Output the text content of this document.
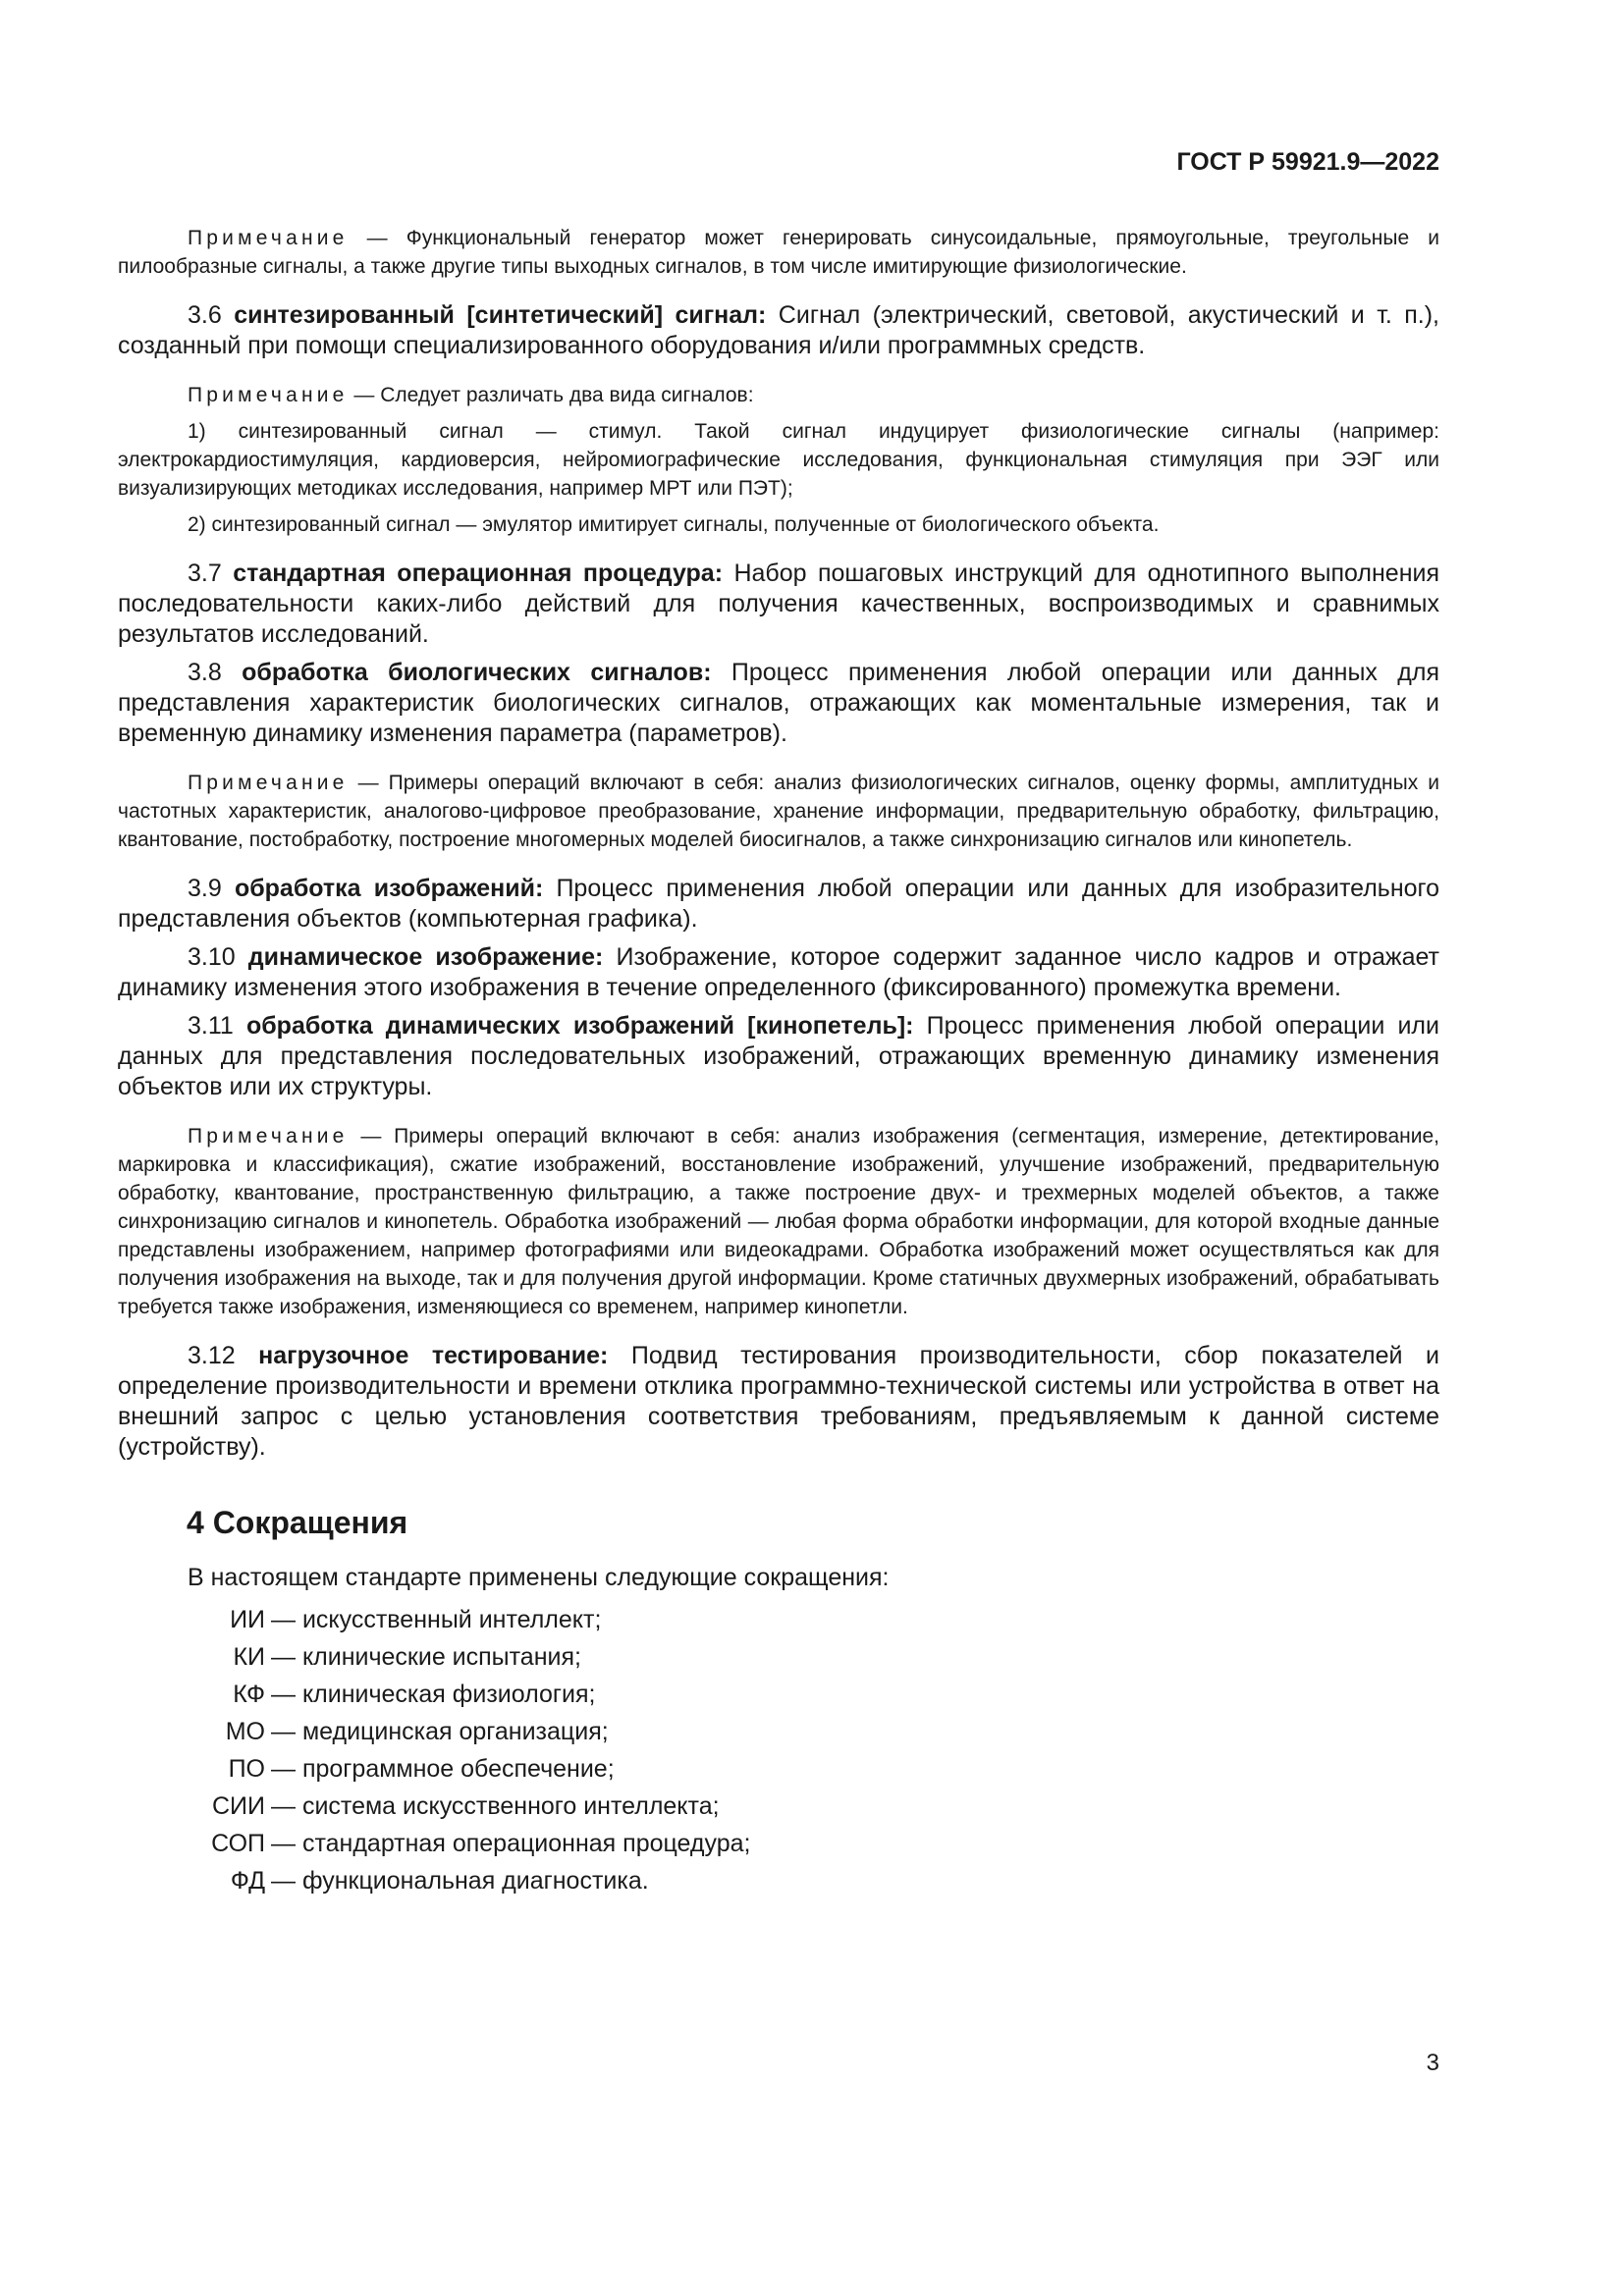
ГОСТ Р 59921.9—2022

Примечание — Функциональный генератор может генерировать синусоидальные, прямоугольные, треугольные и пилообразные сигналы, а также другие типы выходных сигналов, в том числе имитирующие физиологические.

3.6 синтезированный [синтетический] сигнал: Сигнал (электрический, световой, акустический и т. п.), созданный при помощи специализированного оборудования и/или программных средств.

Примечание — Следует различать два вида сигналов:

1) синтезированный сигнал — стимул. Такой сигнал индуцирует физиологические сигналы (например: электрокардиостимуляция, кардиоверсия, нейромиографические исследования, функциональная стимуляция при ЭЭГ или визуализирующих методиках исследования, например МРТ или ПЭТ);

2) синтезированный сигнал — эмулятор имитирует сигналы, полученные от биологического объекта.

3.7 стандартная операционная процедура: Набор пошаговых инструкций для однотипного выполнения последовательности каких-либо действий для получения качественных, воспроизводимых и сравнимых результатов исследований.

3.8 обработка биологических сигналов: Процесс применения любой операции или данных для представления характеристик биологических сигналов, отражающих как моментальные измерения, так и временную динамику изменения параметра (параметров).

Примечание — Примеры операций включают в себя: анализ физиологических сигналов, оценку формы, амплитудных и частотных характеристик, аналогово-цифровое преобразование, хранение информации, предварительную обработку, фильтрацию, квантование, постобработку, построение многомерных моделей биосигналов, а также синхронизацию сигналов или кинопетель.

3.9 обработка изображений: Процесс применения любой операции или данных для изобразительного представления объектов (компьютерная графика).

3.10 динамическое изображение: Изображение, которое содержит заданное число кадров и отражает динамику изменения этого изображения в течение определенного (фиксированного) промежутка времени.

3.11 обработка динамических изображений [кинопетель]: Процесс применения любой операции или данных для представления последовательных изображений, отражающих временную динамику изменения объектов или их структуры.

Примечание — Примеры операций включают в себя: анализ изображения (сегментация, измерение, детектирование, маркировка и классификация), сжатие изображений, восстановление изображений, улучшение изображений, предварительную обработку, квантование, пространственную фильтрацию, а также построение двух- и трехмерных моделей объектов, а также синхронизацию сигналов и кинопетель. Обработка изображений — любая форма обработки информации, для которой входные данные представлены изображением, например фотографиями или видеокадрами. Обработка изображений может осуществляться как для получения изображения на выходе, так и для получения другой информации. Кроме статичных двухмерных изображений, обрабатывать требуется также изображения, изменяющиеся со временем, например кинопетли.

3.12 нагрузочное тестирование: Подвид тестирования производительности, сбор показателей и определение производительности и времени отклика программно-технической системы или устройства в ответ на внешний запрос с целью установления соответствия требованиям, предъявляемым к данной системе (устройству).

4 Сокращения

В настоящем стандарте применены следующие сокращения:

ИИ — искусственный интеллект;
КИ — клинические испытания;
КФ — клиническая физиология;
МО — медицинская организация;
ПО — программное обеспечение;
СИИ — система искусственного интеллекта;
СОП — стандартная операционная процедура;
ФД — функциональная диагностика.
3
